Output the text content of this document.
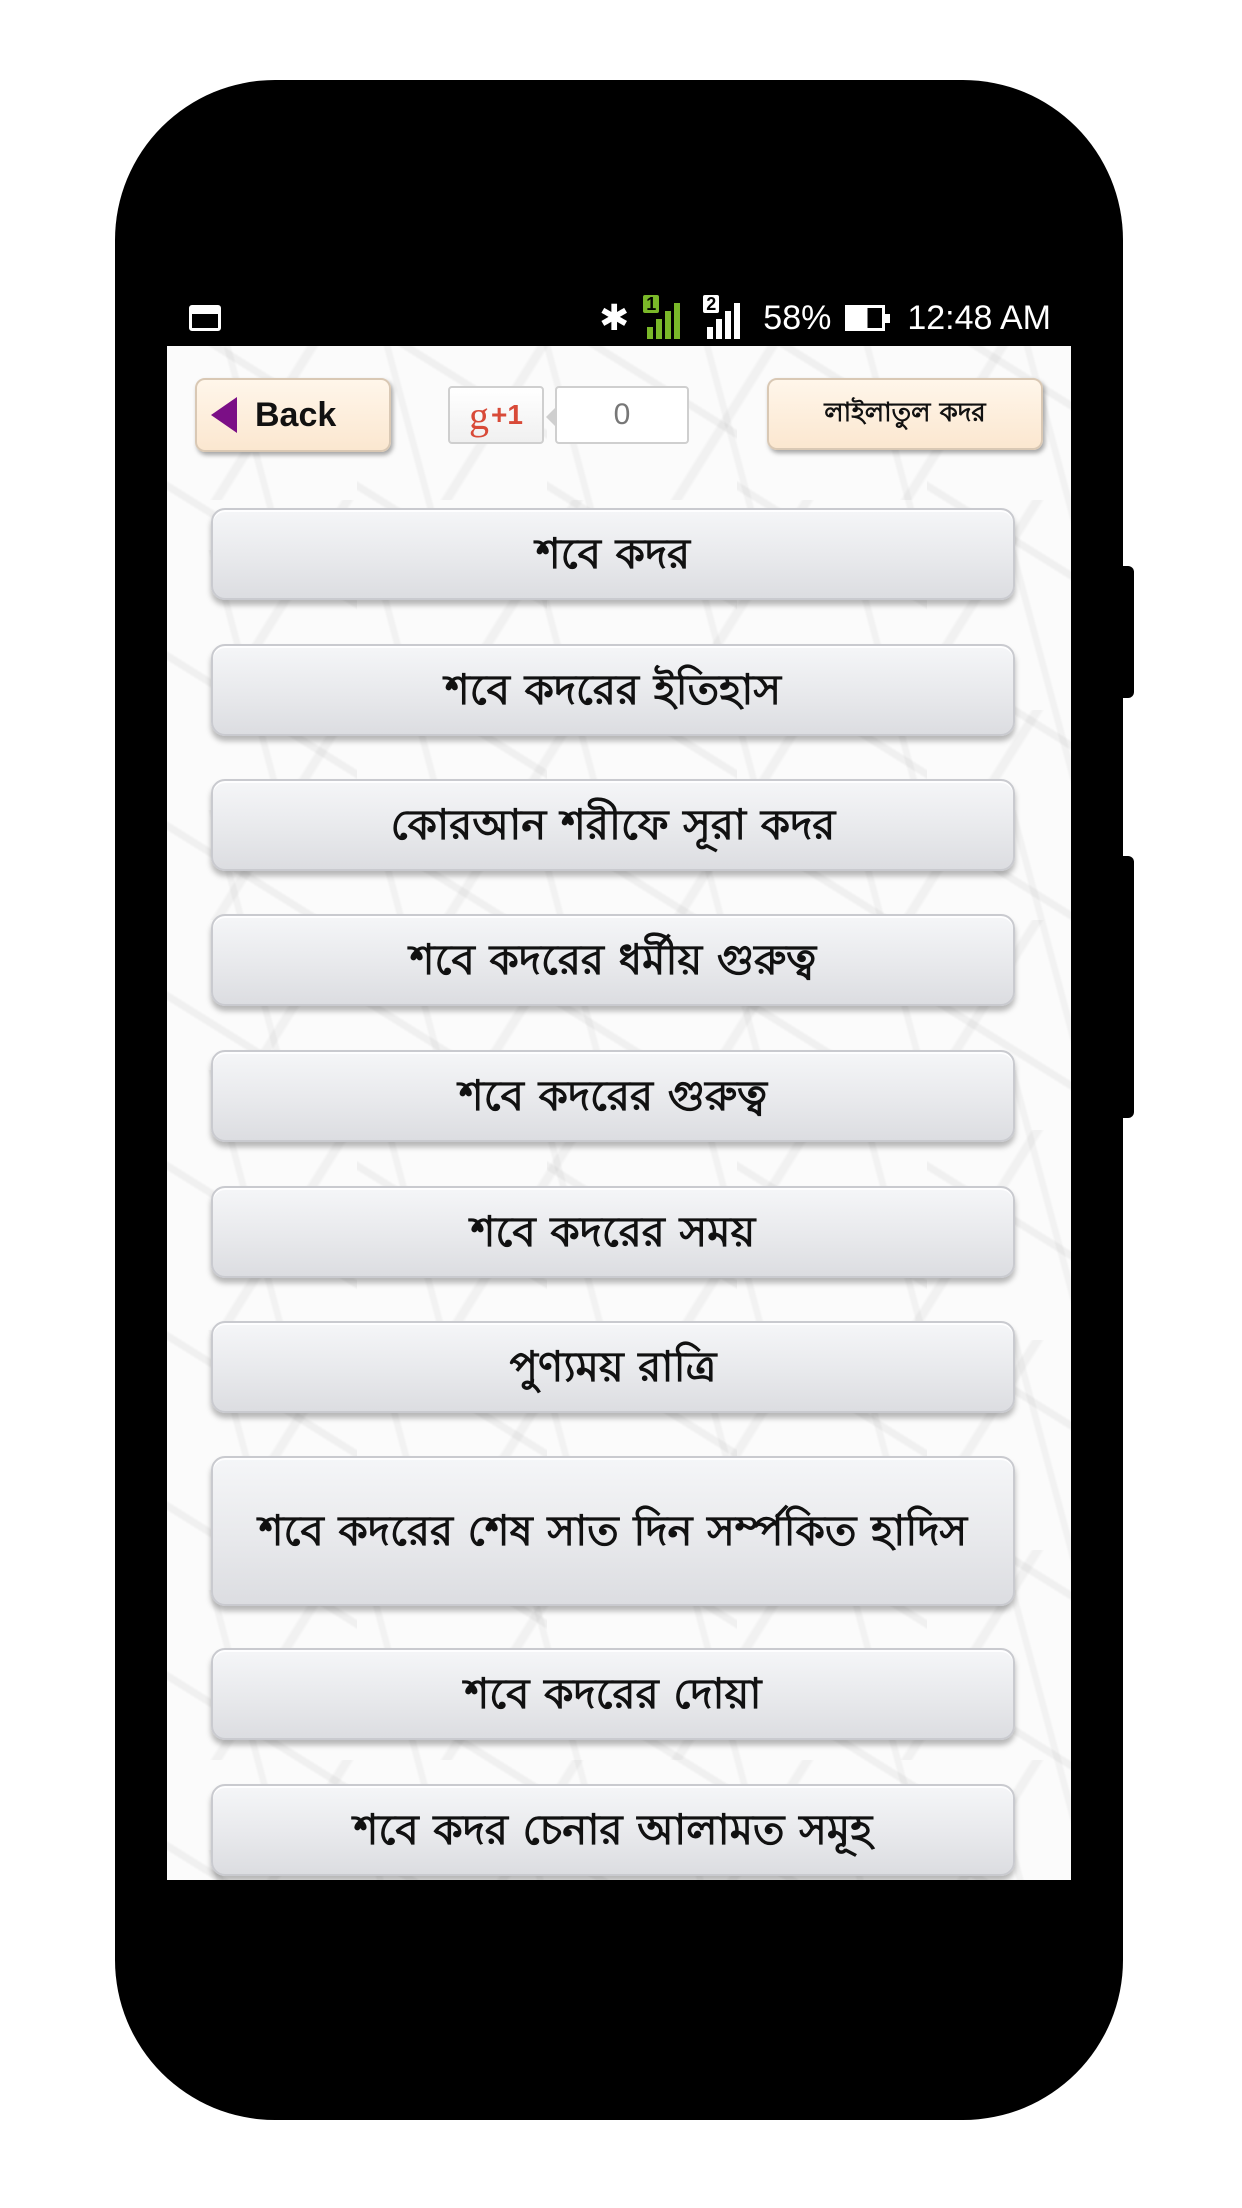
Back	g +1	0	লাইলাতুল কদর
শবে কদর
শবে কদরের ইতিহাস
কোরআন শরীফে সূরা কদর
শবে কদরের ধর্মীয় গুরুত্ব
শবে কদরের গুরুত্ব
শবে কদরের সময়
পুণ্যময় রাত্রি
শবে কদরের শেষ সাত দিন সর্ম্পকিত হাদিস
শবে কদরের দোয়া
শবে কদর চেনার আলামত সমূহ
✱ 1	2 58% 12:48 AM
